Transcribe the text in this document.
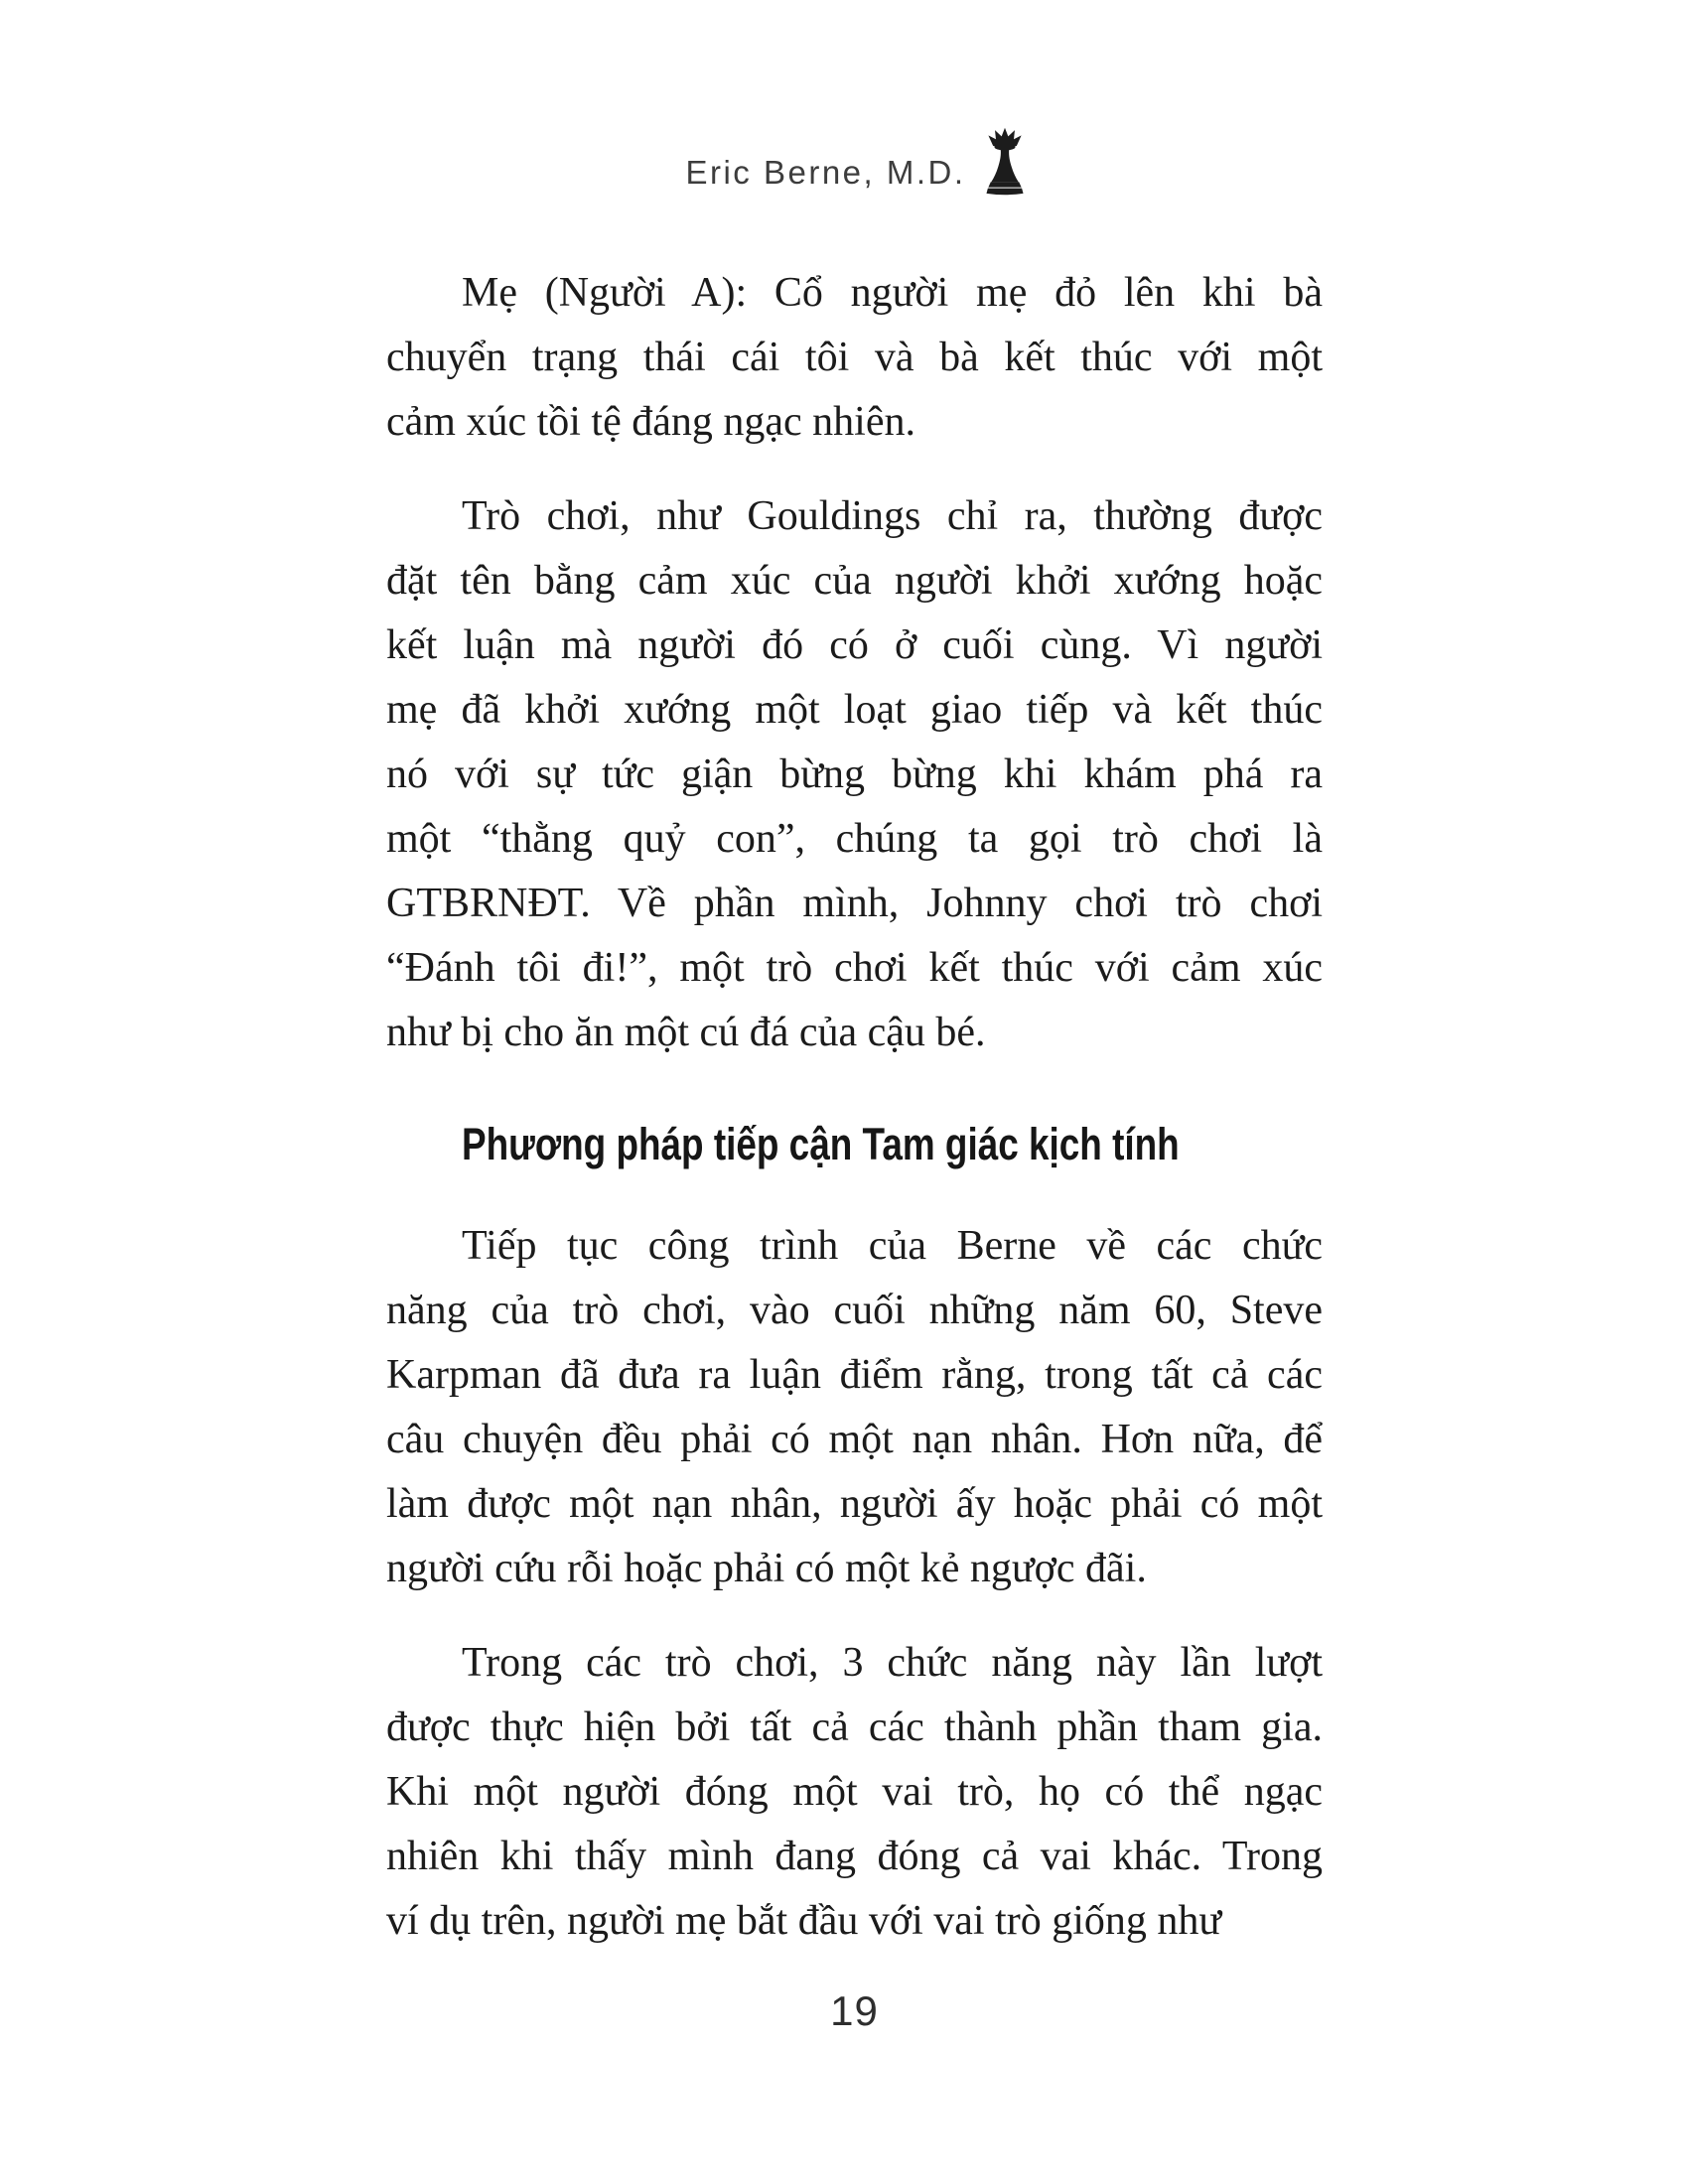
Eric Berne, M.D.
Mẹ (Người A): Cổ người mẹ đỏ lên khi bà
chuyển trạng thái cái tôi và bà kết thúc với một
cảm xúc tồi tệ đáng ngạc nhiên.
Trò chơi, như Gouldings chỉ ra, thường được
đặt tên bằng cảm xúc của người khởi xướng hoặc
kết luận mà người đó có ở cuối cùng. Vì người
mẹ đã khởi xướng một loạt giao tiếp và kết thúc
nó với sự tức giận bừng bừng khi khám phá ra
một “thằng quỷ con”, chúng ta gọi trò chơi là
GTBRNĐT. Về phần mình, Johnny chơi trò chơi
“Đánh tôi đi!”, một trò chơi kết thúc với cảm xúc
như bị cho ăn một cú đá của cậu bé.
Phương pháp tiếp cận Tam giác kịch tính
Tiếp tục công trình của Berne về các chức
năng của trò chơi, vào cuối những năm 60, Steve
Karpman đã đưa ra luận điểm rằng, trong tất cả các
câu chuyện đều phải có một nạn nhân. Hơn nữa, để
làm được một nạn nhân, người ấy hoặc phải có một
người cứu rỗi hoặc phải có một kẻ ngược đãi.
Trong các trò chơi, 3 chức năng này lần lượt
được thực hiện bởi tất cả các thành phần tham gia.
Khi một người đóng một vai trò, họ có thể ngạc
nhiên khi thấy mình đang đóng cả vai khác. Trong
ví dụ trên, người mẹ bắt đầu với vai trò giống như
19
